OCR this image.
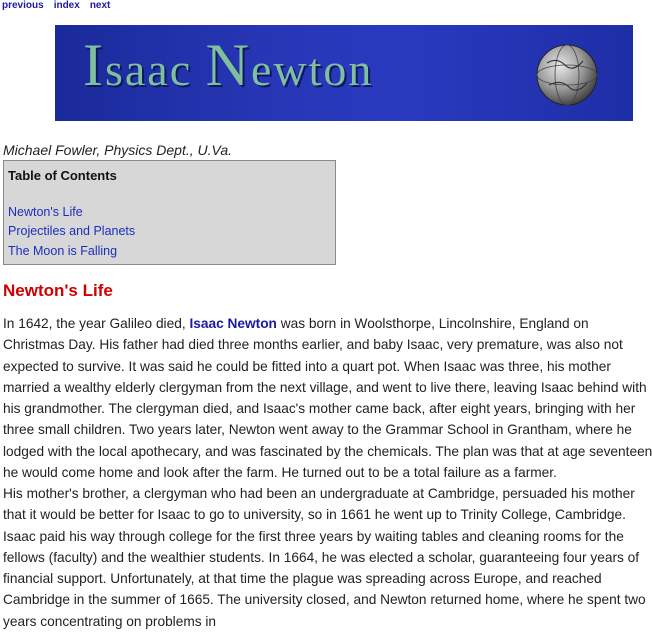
previous index next
Isaac Newton
Michael Fowler, Physics Dept., U.Va.
Table of Contents
Newton's Life
Projectiles and Planets
The Moon is Falling
Newton's Life
In 1642, the year Galileo died, Isaac Newton was born in Woolsthorpe, Lincolnshire, England on Christmas Day. His father had died three months earlier, and baby Isaac, very premature, was also not expected to survive. It was said he could be fitted into a quart pot. When Isaac was three, his mother married a wealthy elderly clergyman from the next village, and went to live there, leaving Isaac behind with his grandmother. The clergyman died, and Isaac's mother came back, after eight years, bringing with her three small children. Two years later, Newton went away to the Grammar School in Grantham, where he lodged with the local apothecary, and was fascinated by the chemicals. The plan was that at age seventeen he would come home and look after the farm. He turned out to be a total failure as a farmer.
His mother's brother, a clergyman who had been an undergraduate at Cambridge, persuaded his mother that it would be better for Isaac to go to university, so in 1661 he went up to Trinity College, Cambridge. Isaac paid his way through college for the first three years by waiting tables and cleaning rooms for the fellows (faculty) and the wealthier students. In 1664, he was elected a scholar, guaranteeing four years of financial support. Unfortunately, at that time the plague was spreading across Europe, and reached Cambridge in the summer of 1665. The university closed, and Newton returned home, where he spent two years concentrating on problems in
